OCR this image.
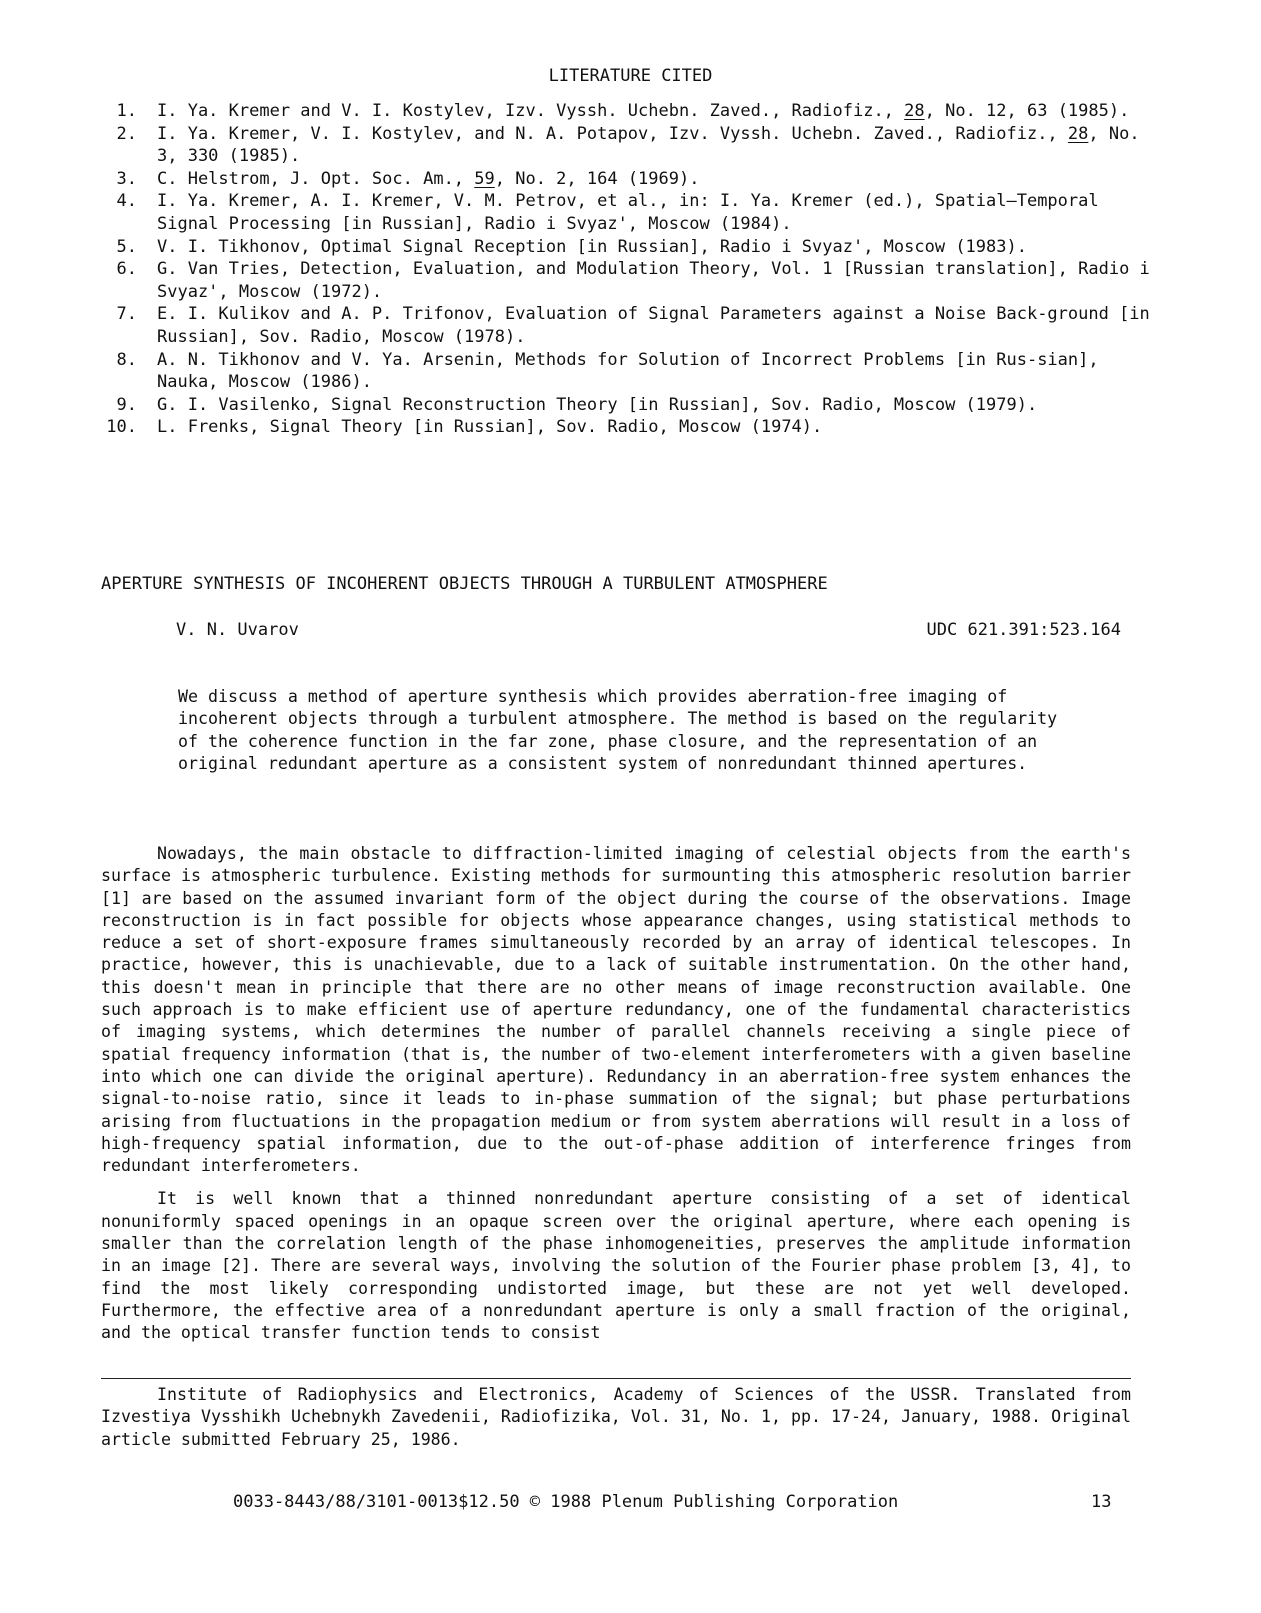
LITERATURE CITED
1 .	I. Ya. Kremer and V. I. Kostylev, Izv. Vyssh. Uchebn. Zaved., Radiofiz., 28, No. 12, 63 (1985).
2 .	I. Ya. Kremer, V. I. Kostylev, and N. A. Potapov, Izv. Vyssh. Uchebn. Zaved., Radiofiz., 28, No. 3, 330 (1985).
3 .	C. Helstrom, J. Opt. Soc. Am., 59, No. 2, 164 (1969).
4 .	I. Ya. Kremer, A. I. Kremer, V. M. Petrov, et al., in: I. Ya. Kremer (ed.), Spatial—Temporal Signal Processing [in Russian], Radio i Svyaz', Moscow (1984).
5 .	V. I. Tikhonov, Optimal Signal Reception [in Russian], Radio i Svyaz', Moscow (1983).
6 .	G. Van Tries, Detection, Evaluation, and Modulation Theory, Vol. 1 [Russian translation], Radio i Svyaz', Moscow (1972).
7 .	E. I. Kulikov and A. P. Trifonov, Evaluation of Signal Parameters against a Noise Back-ground [in Russian], Sov. Radio, Moscow (1978).
8 .	A. N. Tikhonov and V. Ya. Arsenin, Methods for Solution of Incorrect Problems [in Rus-sian], Nauka, Moscow (1986).
9 .	G. I. Vasilenko, Signal Reconstruction Theory [in Russian], Sov. Radio, Moscow (1979).
10 .	L. Frenks, Signal Theory [in Russian], Sov. Radio, Moscow (1974).
APERTURE SYNTHESIS OF INCOHERENT OBJECTS THROUGH A TURBULENT ATMOSPHERE
V. N. Uvarov	UDC 621.391:523.164
We discuss a method of aperture synthesis which provides aberration-free imaging of incoherent objects through a turbulent atmosphere. The method is based on the regularity of the coherence function in the far zone, phase closure, and the representation of an original redundant aperture as a consistent system of nonredundant thinned apertures.

Nowadays, the main obstacle to diffraction-limited imaging of celestial objects from the earth's surface is atmospheric turbulence. Existing methods for surmounting this atmospheric resolution barrier [1] are based on the assumed invariant form of the object during the course of the observations. Image reconstruction is in fact possible for objects whose appearance changes, using statistical methods to reduce a set of short-exposure frames simultaneously recorded by an array of identical telescopes. In practice, however, this is unachievable, due to a lack of suitable instrumentation. On the other hand, this doesn't mean in principle that there are no other means of image reconstruction available. One such approach is to make efficient use of aperture redundancy, one of the fundamental characteristics of imaging systems, which determines the number of parallel channels receiving a single piece of spatial frequency information (that is, the number of two-element interferometers with a given baseline into which one can divide the original aperture). Redundancy in an aberration-free system enhances the signal-to-noise ratio, since it leads to in-phase summation of the signal; but phase perturbations arising from fluctuations in the propagation medium or from system aberrations will result in a loss of high-frequency spatial information, due to the out-of-phase addition of interference fringes from redundant interferometers.

It is well known that a thinned nonredundant aperture consisting of a set of identical nonuniformly spaced openings in an opaque screen over the original aperture, where each opening is smaller than the correlation length of the phase inhomogeneities, preserves the amplitude information in an image [2]. There are several ways, involving the solution of the Fourier phase problem [3, 4], to find the most likely corresponding undistorted image, but these are not yet well developed. Furthermore, the effective area of a nonredundant aperture is only a small fraction of the original, and the optical transfer function tends to consist

Institute of Radiophysics and Electronics, Academy of Sciences of the USSR. Translated from Izvestiya Vysshikh Uchebnykh Zavedenii, Radiofizika, Vol. 31, No. 1, pp. 17-24, January, 1988. Original article submitted February 25, 1986.
0033-8443/88/3101-0013$12.50 © 1988 Plenum Publishing Corporation	13
